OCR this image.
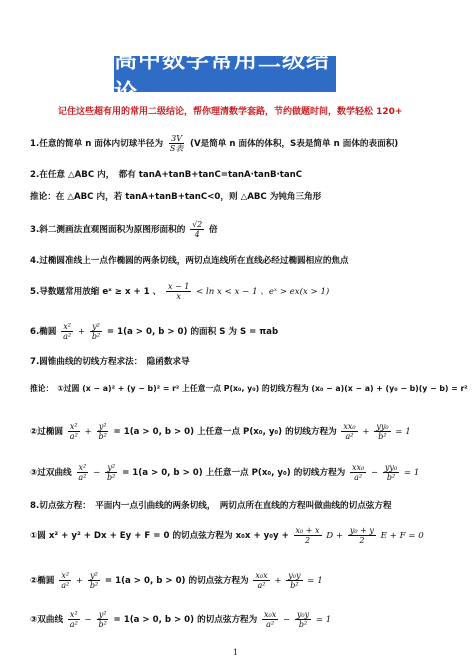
高中数学常用二级结论
记住这些超有用的常用二级结论，帮你理清数学套路，节约做题时间，数学轻松 120+
1.任意的简单 n 面体内切球半径为 $\frac{3V}{\text{S表}} (V$是简单 n 面体的体积，S表是简单 n 面体的表面积)
2.在任意 △ABC 内，　都有 tanA+tanB+tanC=tanA·tanB·tanC
推论：在 △ABC 内，若 tanA+tanB+tanC<0，则 △ABC 为钝角三角形
3.斜二测画法直观图面积为原图形面积的 $\frac{√2}{4}$ 倍
4.过椭圆准线上一点作椭圆的两条切线，两切点连线所在直线必经过椭圆相应的焦点
5.导数题常用放缩 eˣ ≥ x + 1 、 $\frac{x - 1}{x} < \ln x < x - 1$ 、eˣ > ex(x > 1)
6.椭圆 $\frac{\text{x²}}{\text{a²}} + \frac{\text{y²}}{\text{b²}} = 1(a > 0$, b > 0) 的面积 S 为 S = πab
7.圆锥曲线的切线方程求法：　隐函数求导
推论：　①过圆 (x − a)² + (y − b)² = r² 上任意一点 P(x₀, y₀) 的切线方程为 (x₀ − a)(x − a) + (y₀ − b)(y − b) = r²
②过椭圆 $\frac{\text{x²}}{\text{a²}} + \frac{\text{y²}}{\text{b²}} = 1(a > 0$, b > 0) 上任意一点 P(x₀, y₀) 的切线方程为 $\frac{\text{xx₀}}{\text{a²}} + \frac{\text{yy₀}}{\text{b²}} = 1$
③过双曲线 $\frac{\text{x²}}{\text{a²}} - \frac{\text{y²}}{\text{b²}} = 1(a > 0$, b > 0) 上任意一点 P(x₀, y₀) 的切线方程为 $\frac{\text{xx₀}}{\text{a²}} - \frac{\text{yy₀}}{\text{b²}} = 1$
8.切点弦方程：　平面内一点引曲线的两条切线，　两切点所在直线的方程叫做曲线的切点弦方程
①圆 x² + y² + Dx + Ey + F = 0 的切点弦方程为 $x_0x + y_0y + \frac{\text{x₀ + x}}{2}$ $D + \frac{\text{y₀ + y}}{2}$ E + F = 0
②椭圆 $\frac{\text{x²}}{\text{a²}} + \frac{\text{y²}}{\text{b²}} = 1(a > 0$, b > 0) 的切点弦方程为 $\frac{\text{x₀x}}{\text{a²}} + \frac{\text{y₀y}}{\text{b²}} = 1$
③双曲线 $\frac{\text{x²}}{\text{a²}} - \frac{\text{y²}}{\text{b²}} = 1(a > 0$, b > 0) 的切点弦方程为 $\frac{\text{x₀x}}{\text{a²}} - \frac{\text{y₀y}}{\text{b²}} = 1$
1
